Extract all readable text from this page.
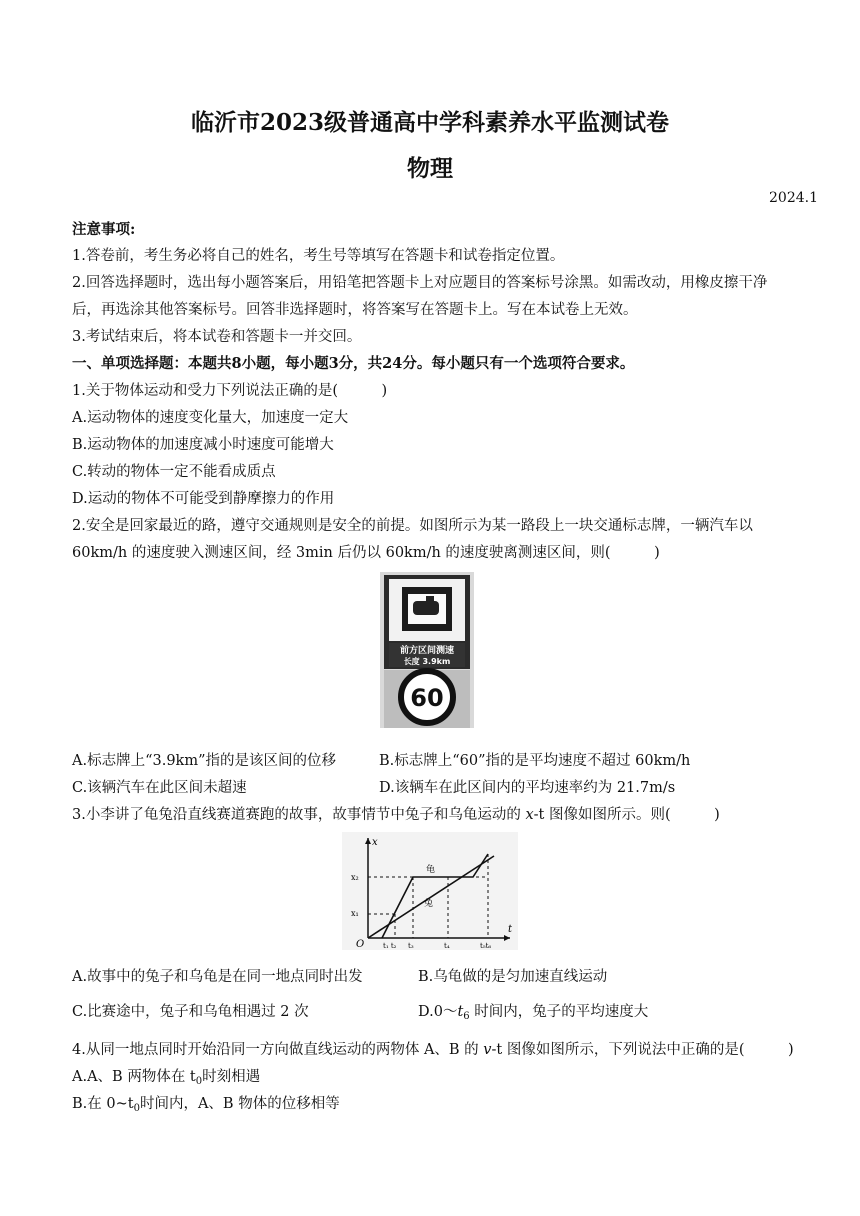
临沂市2023级普通高中学科素养水平监测试卷
物理
2024.1
注意事项:
1.答卷前，考生务必将自己的姓名，考生号等填写在答题卡和试卷指定位置。
2.回答选择题时，选出每小题答案后，用铅笔把答题卡上对应题目的答案标号涂黑。如需改动，用橡皮擦干净
后，再选涂其他答案标号。回答非选择题时，将答案写在答题卡上。写在本试卷上无效。
3.考试结束后，将本试卷和答题卡一并交回。
一、单项选择题：本题共8小题，每小题3分，共24分。每小题只有一个选项符合要求。
1.关于物体运动和受力下列说法正确的是(　　　)
A.运动物体的速度变化量大，加速度一定大
B.运动物体的加速度减小时速度可能增大
C.转动的物体一定不能看成质点
D.运动的物体不可能受到静摩擦力的作用
2.安全是回家最近的路，遵守交通规则是安全的前提。如图所示为某一路段上一块交通标志牌，一辆汽车以
60km/h 的速度驶入测速区间，经 3min 后仍以 60km/h 的速度驶离测速区间，则(　　　)
前方区间测速
长度 3.9km
60
A.标志牌上“3.9km”指的是该区间的位移	B.标志牌上“60”指的是平均速度不超过 60km/h
C.该辆汽车在此区间未超速	D.该辆车在此区间内的平均速率约为 21.7m/s
3.小李讲了龟兔沿直线赛道赛跑的故事，故事情节中兔子和乌龟运动的 x-t 图像如图所示。则(　　　)
x
t
O
x₂
x₁
龟
兔
t₁ t₂ t₃	t₄	t₅t₆
A.故事中的兔子和乌龟是在同一地点同时出发	B.乌龟做的是匀加速直线运动
C.比赛途中，兔子和乌龟相遇过 2 次	$D.0\sim t_6$ 时间内，兔子的平均速度大
4.从同一地点同时开始沿同一方向做直线运动的两物体 A、B 的 v-t 图像如图所示，下列说法中正确的是(　　　)
A.A、B 两物体在 $t_0$时刻相遇
B.在 $0\sim t_0$时间内，A、B 物体的位移相等
